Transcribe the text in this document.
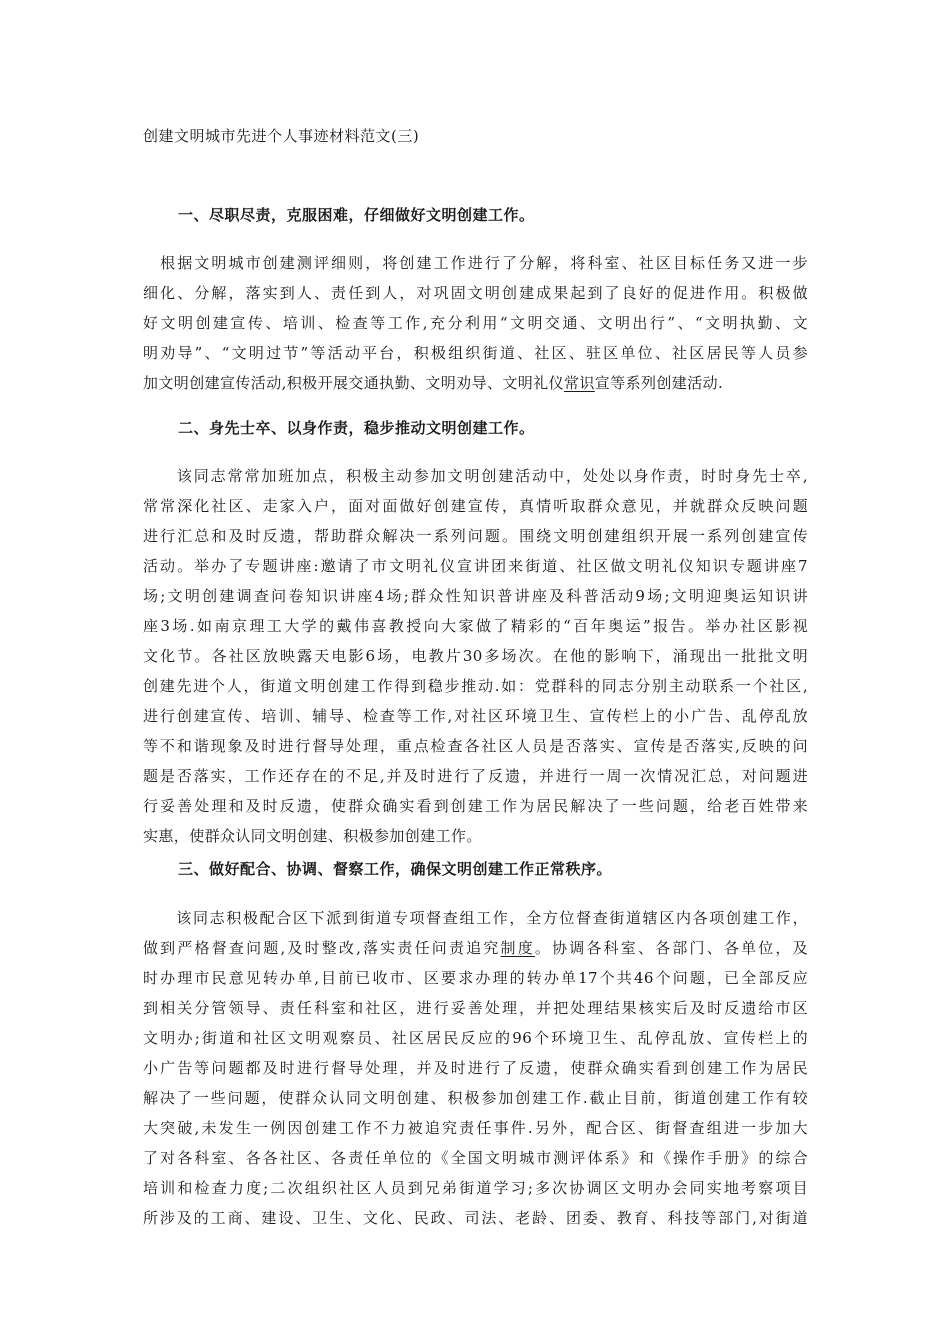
创建文明城市先进个人事迹材料范文(三)
一、尽职尽责，克服困难，仔细做好文明创建工作。
　根据文明城市创建测评细则，将创建工作进行了分解，将科室、社区目标任务又进一步
细化、分解，落实到人、责任到人，对巩固文明创建成果起到了良好的促进作用。积极做
好文明创建宣传、培训、检查等工作,充分利用“文明交通、文明出行”、“文明执勤、文
明劝导”、“文明过节”等活动平台，积极组织街道、社区、驻区单位、社区居民等人员参
加文明创建宣传活动,积极开展交通执勤、文明劝导、文明礼仪常识宣等系列创建活动.
二、身先士卒、以身作责，稳步推动文明创建工作。
　　该同志常常加班加点，积极主动参加文明创建活动中，处处以身作责，时时身先士卒,
常常深化社区、走家入户，面对面做好创建宣传，真情听取群众意见，并就群众反映问题
进行汇总和及时反遗，帮助群众解决一系列问题。围绕文明创建组织开展一系列创建宣传
活动。举办了专题讲座:邀请了市文明礼仪宣讲团来街道、社区做文明礼仪知识专题讲座7
场;文明创建调查问卷知识讲座4场;群众性知识普讲座及科普活动9场;文明迎奥运知识讲
座3场.如南京理工大学的戴伟喜教授向大家做了精彩的“百年奥运”报告。举办社区影视
文化节。各社区放映露天电影6场，电教片30多场次。在他的影响下，涌现出一批批文明
创建先进个人，街道文明创建工作得到稳步推动.如：党群科的同志分别主动联系一个社区,
进行创建宣传、培训、辅导、检查等工作,对社区环境卫生、宣传栏上的小广告、乱停乱放
等不和谐现象及时进行督导处理，重点检查各社区人员是否落实、宣传是否落实,反映的问
题是否落实，工作还存在的不足,并及时进行了反遗，并进行一周一次情况汇总，对问题进
行妥善处理和及时反遗，使群众确实看到创建工作为居民解决了一些问题，给老百姓带来
实惠，使群众认同文明创建、积极参加创建工作。
三、做好配合、协调、督察工作，确保文明创建工作正常秩序。
　　该同志积极配合区下派到街道专项督查组工作，全方位督查街道辖区内各项创建工作，
做到严格督查问题,及时整改,落实责任问责追究制度。协调各科室、各部门、各单位，及
时办理市民意见转办单,目前已收市、区要求办理的转办单17个共46个问题，已全部反应
到相关分管领导、责任科室和社区，进行妥善处理，并把处理结果核实后及时反遗给市区
文明办;街道和社区文明观察员、社区居民反应的96个环境卫生、乱停乱放、宣传栏上的
小广告等问题都及时进行督导处理，并及时进行了反遗，使群众确实看到创建工作为居民
解决了一些问题，使群众认同文明创建、积极参加创建工作.截止目前，街道创建工作有较
大突破,未发生一例因创建工作不力被追究责任事件.另外，配合区、街督查组进一步加大
了对各科室、各各社区、各责任单位的《全国文明城市测评体系》和《操作手册》的综合
培训和检查力度;二次组织社区人员到兄弟街道学习;多次协调区文明办会同实地考察项目
所涉及的工商、建设、卫生、文化、民政、司法、老龄、团委、教育、科技等部门,对街道
